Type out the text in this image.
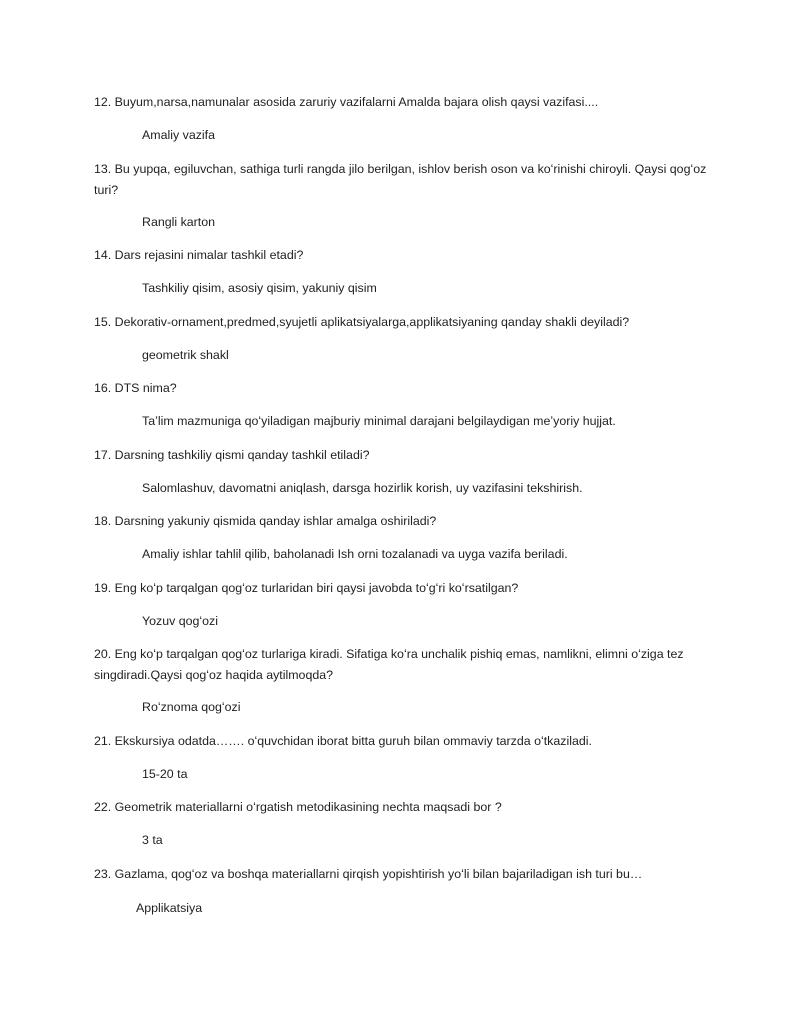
12. Buyum,narsa,namunalar asosida zaruriy vazifalarni Amalda bajara olish qaysi vazifasi....
Amaliy vazifa
13. Bu yupqa, egiluvchan, sathiga turli rangda jilo berilgan, ishlov berish oson va koʻrinishi chiroyli. Qaysi qogʻoz turi?
Rangli karton
14. Dars rejasini nimalar tashkil etadi?
Tashkiliy qisim, asosiy qisim, yakuniy qisim
15. Dekorativ-ornament,predmed,syujetli aplikatsiyalarga,applikatsiyaning qanday shakli deyiladi?
geometrik shakl
16. DTS nima?
Taʼlim mazmuniga qoʻyiladigan majburiy minimal darajani belgilaydigan meʼyoriy hujjat.
17. Darsning tashkiliy qismi qanday tashkil etiladi?
Salomlashuv, davomatni aniqlash, darsga hozirlik korish, uy vazifasini tekshirish.
18. Darsning yakuniy qismida qanday ishlar amalga oshiriladi?
Amaliy ishlar tahlil qilib, baholanadi Ish orni tozalanadi va uyga vazifa beriladi.
19. Eng koʻp tarqalgan qogʻoz turlaridan biri qaysi javobda toʻgʻri koʻrsatilgan?
Yozuv qogʻozi
20. Eng koʻp tarqalgan qogʻoz turlariga kiradi. Sifatiga koʻra unchalik pishiq emas, namlikni, elimni oʻziga tez singdiradi.Qaysi qogʻoz haqida aytilmoqda?
Roʻznoma qogʻozi
21. Ekskursiya odatda……. oʻquvchidan iborat bitta guruh bilan ommaviy tarzda oʻtkaziladi.
15-20 ta
22. Geometrik materiallarni oʻrgatish metodikasining nechta maqsadi bor ?
3 ta
23. Gazlama, qogʻoz va boshqa materiallarni qirqish yopishtirish yoʻli bilan bajariladigan ish turi bu…
Applikatsiya
